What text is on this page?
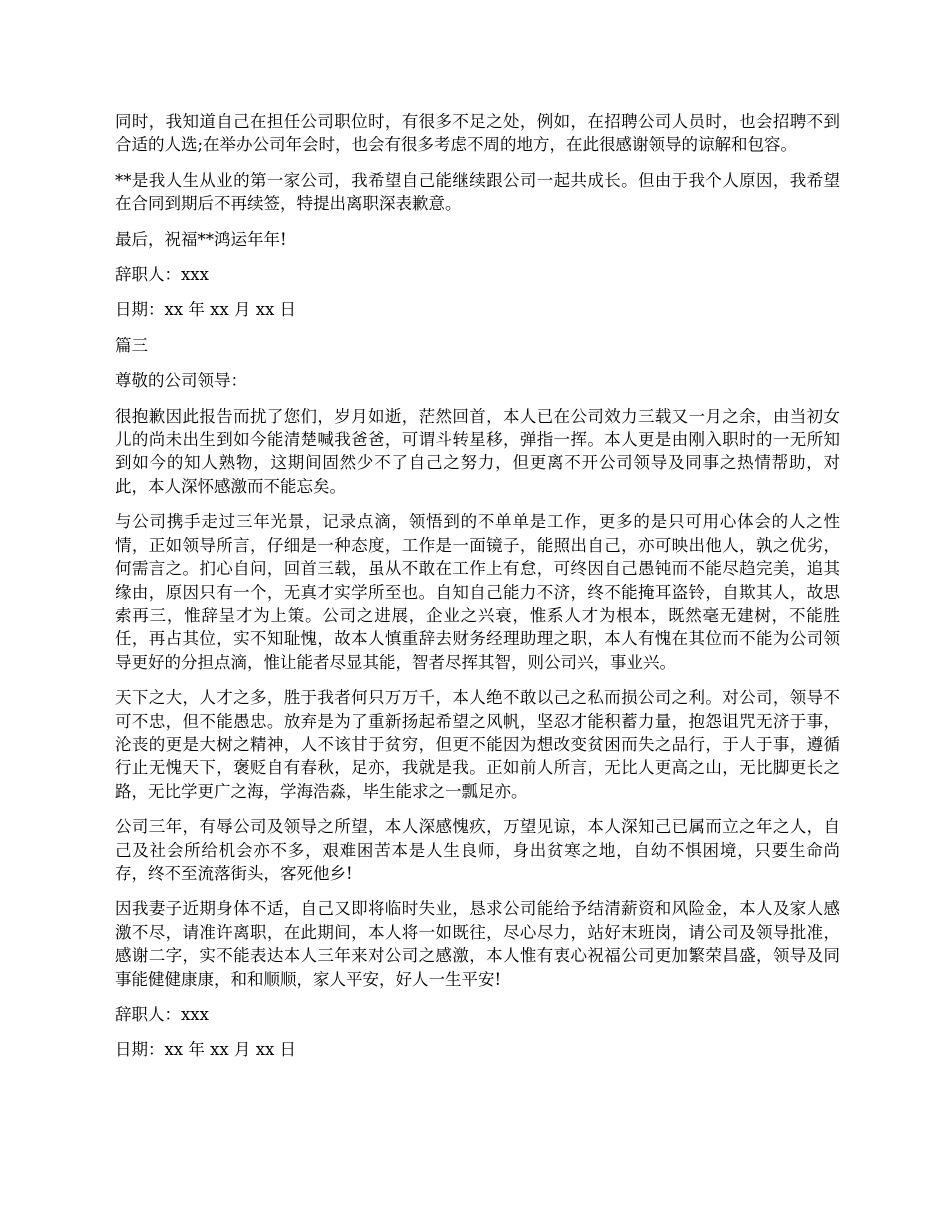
同时，我知道自己在担任公司职位时，有很多不足之处，例如，在招聘公司人员时，也会招聘不到合适的人选;在举办公司年会时，也会有很多考虑不周的地方，在此很感谢领导的谅解和包容。

**是我人生从业的第一家公司，我希望自己能继续跟公司一起共成长。但由于我个人原因，我希望在合同到期后不再续签，特提出离职深表歉意。

最后，祝福**鸿运年年!

辞职人：xxx

日期：xx 年 xx 月 xx 日

篇三

尊敬的公司领导：

很抱歉因此报告而扰了您们，岁月如逝，茫然回首，本人已在公司效力三载又一月之余，由当初女儿的尚未出生到如今能清楚喊我爸爸，可谓斗转星移，弹指一挥。本人更是由刚入职时的一无所知到如今的知人熟物，这期间固然少不了自己之努力，但更离不开公司领导及同事之热情帮助，对此，本人深怀感激而不能忘矣。

与公司携手走过三年光景，记录点滴，领悟到的不单单是工作，更多的是只可用心体会的人之性情，正如领导所言，仔细是一种态度，工作是一面镜子，能照出自己，亦可映出他人，孰之优劣，何需言之。扪心自问，回首三载，虽从不敢在工作上有怠，可终因自己愚钝而不能尽趋完美，追其缘由，原因只有一个，无真才实学所至也。自知自己能力不济，终不能掩耳盗铃，自欺其人，故思索再三，惟辞呈才为上策。公司之进展，企业之兴衰，惟系人才为根本，既然毫无建树，不能胜任，再占其位，实不知耻愧，故本人慎重辞去财务经理助理之职，本人有愧在其位而不能为公司领导更好的分担点滴，惟让能者尽显其能，智者尽挥其智，则公司兴，事业兴。

天下之大，人才之多，胜于我者何只万万千，本人绝不敢以己之私而损公司之利。对公司，领导不可不忠，但不能愚忠。放弃是为了重新扬起希望之风帆，坚忍才能积蓄力量，抱怨诅咒无济于事，沦丧的更是大树之精神，人不该甘于贫穷，但更不能因为想改变贫困而失之品行，于人于事，遵循行止无愧天下，褒贬自有春秋，足亦，我就是我。正如前人所言，无比人更高之山，无比脚更长之路，无比学更广之海，学海浩淼，毕生能求之一瓢足亦。

公司三年，有辱公司及领导之所望，本人深感愧疚，万望见谅，本人深知己已属而立之年之人，自己及社会所给机会亦不多，艰难困苦本是人生良师，身出贫寒之地，自幼不惧困境，只要生命尚存，终不至流落街头，客死他乡!

因我妻子近期身体不适，自己又即将临时失业，恳求公司能给予结清薪资和风险金，本人及家人感激不尽，请准许离职，在此期间，本人将一如既往，尽心尽力，站好末班岗，请公司及领导批准，感谢二字，实不能表达本人三年来对公司之感激，本人惟有衷心祝福公司更加繁荣昌盛，领导及同事能健健康康，和和顺顺，家人平安，好人一生平安!

辞职人：xxx

日期：xx 年 xx 月 xx 日
